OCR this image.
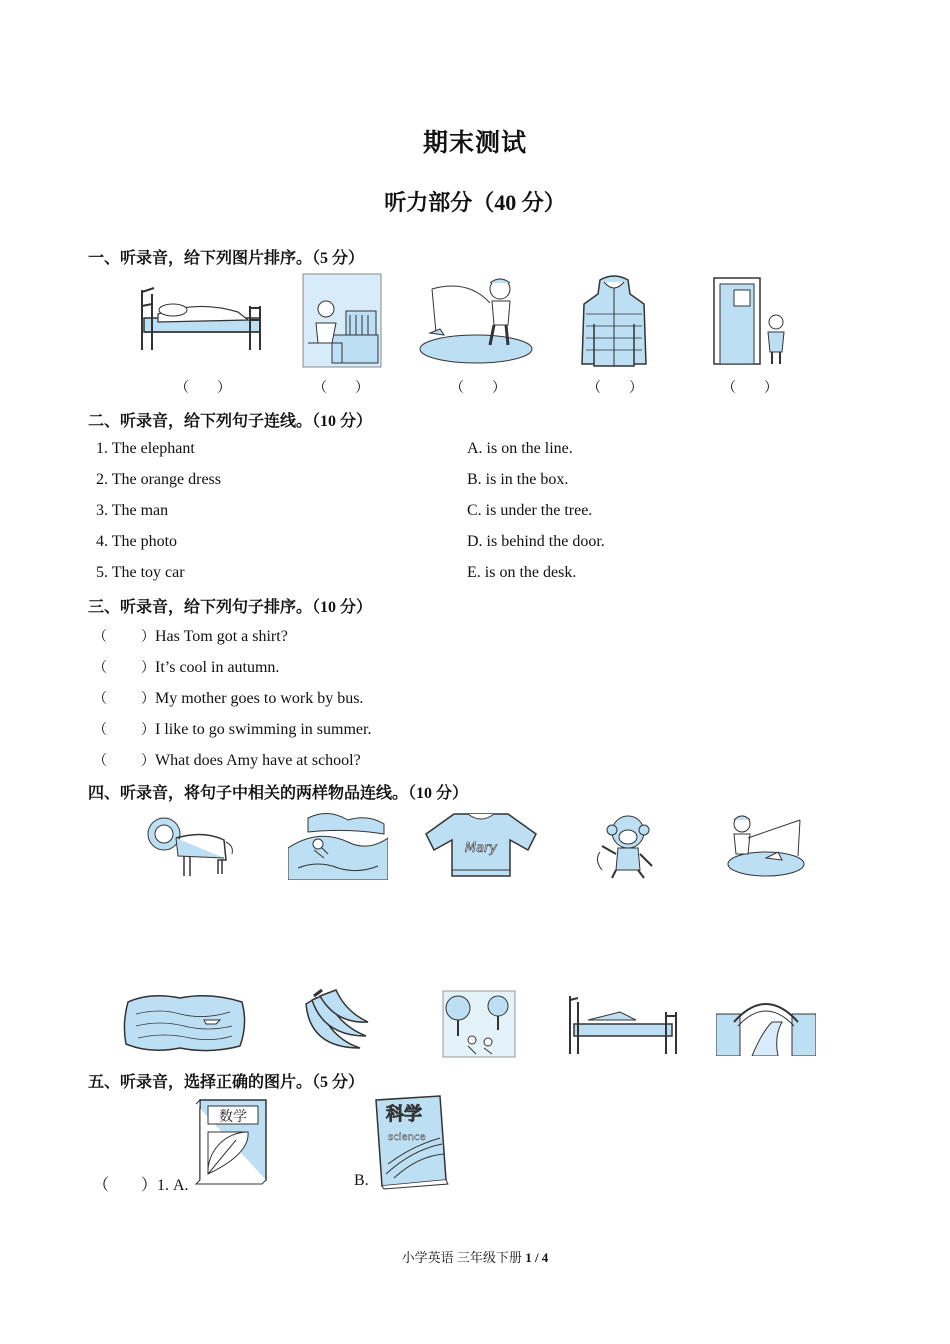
期末测试
听力部分（40 分）
一、听录音，给下列图片排序。（5 分）
（　　）	（　　）	（　　）	（　　）	（　　）
二、听录音，给下列句子连线。（10 分）
1. The elephant
2. The orange dress
3. The man
4. The photo
5. The toy car
A. is on the line.
B. is in the box.
C. is under the tree.
D. is behind the door.
E. is on the desk.
三、听录音，给下列句子排序。（10 分）
（ ）Has Tom got a shirt?
（ ）It’s cool in autumn.
（ ）My mother goes to work by bus.
（ ）I like to go swimming in summer.
（ ）What does Amy have at school?
四、听录音，将句子中相关的两样物品连线。（10 分）
Mary
五、听录音，选择正确的图片。（5 分）
（　　）1. A.
数学
B.
科学
science
小学英语 三年级下册 1 / 4
